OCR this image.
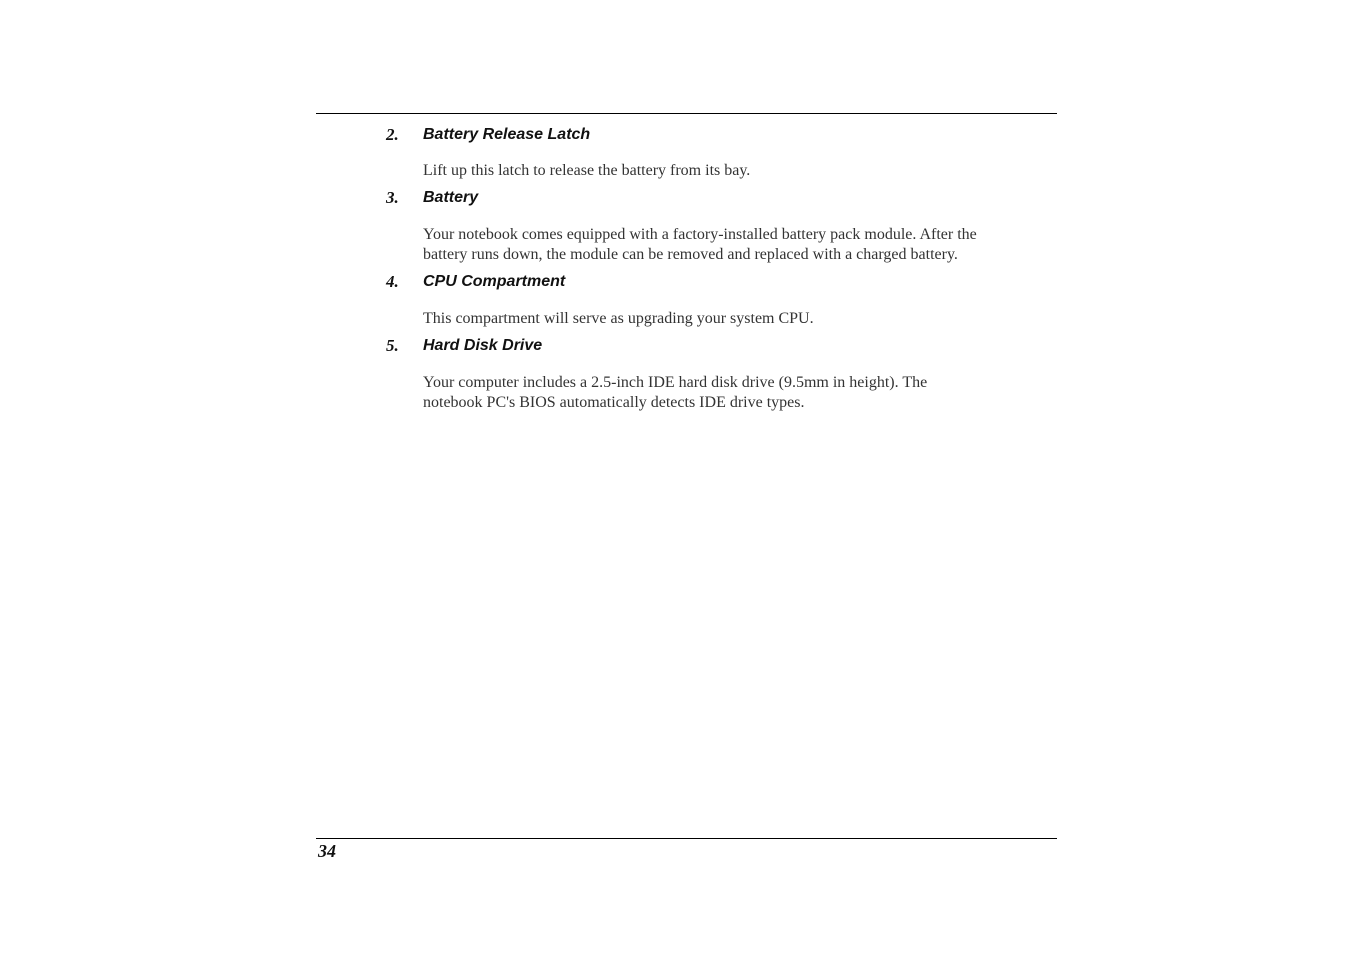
2. Battery Release Latch
Lift up this latch to release the battery from its bay.
3. Battery
Your notebook comes equipped with a factory-installed battery pack module. After the
battery runs down, the module can be removed and replaced with a charged battery.
4. CPU Compartment
This compartment will serve as upgrading your system CPU.
5. Hard Disk Drive
Your computer includes a 2.5-inch IDE hard disk drive (9.5mm in height). The
notebook PC's BIOS automatically detects IDE drive types.
34
